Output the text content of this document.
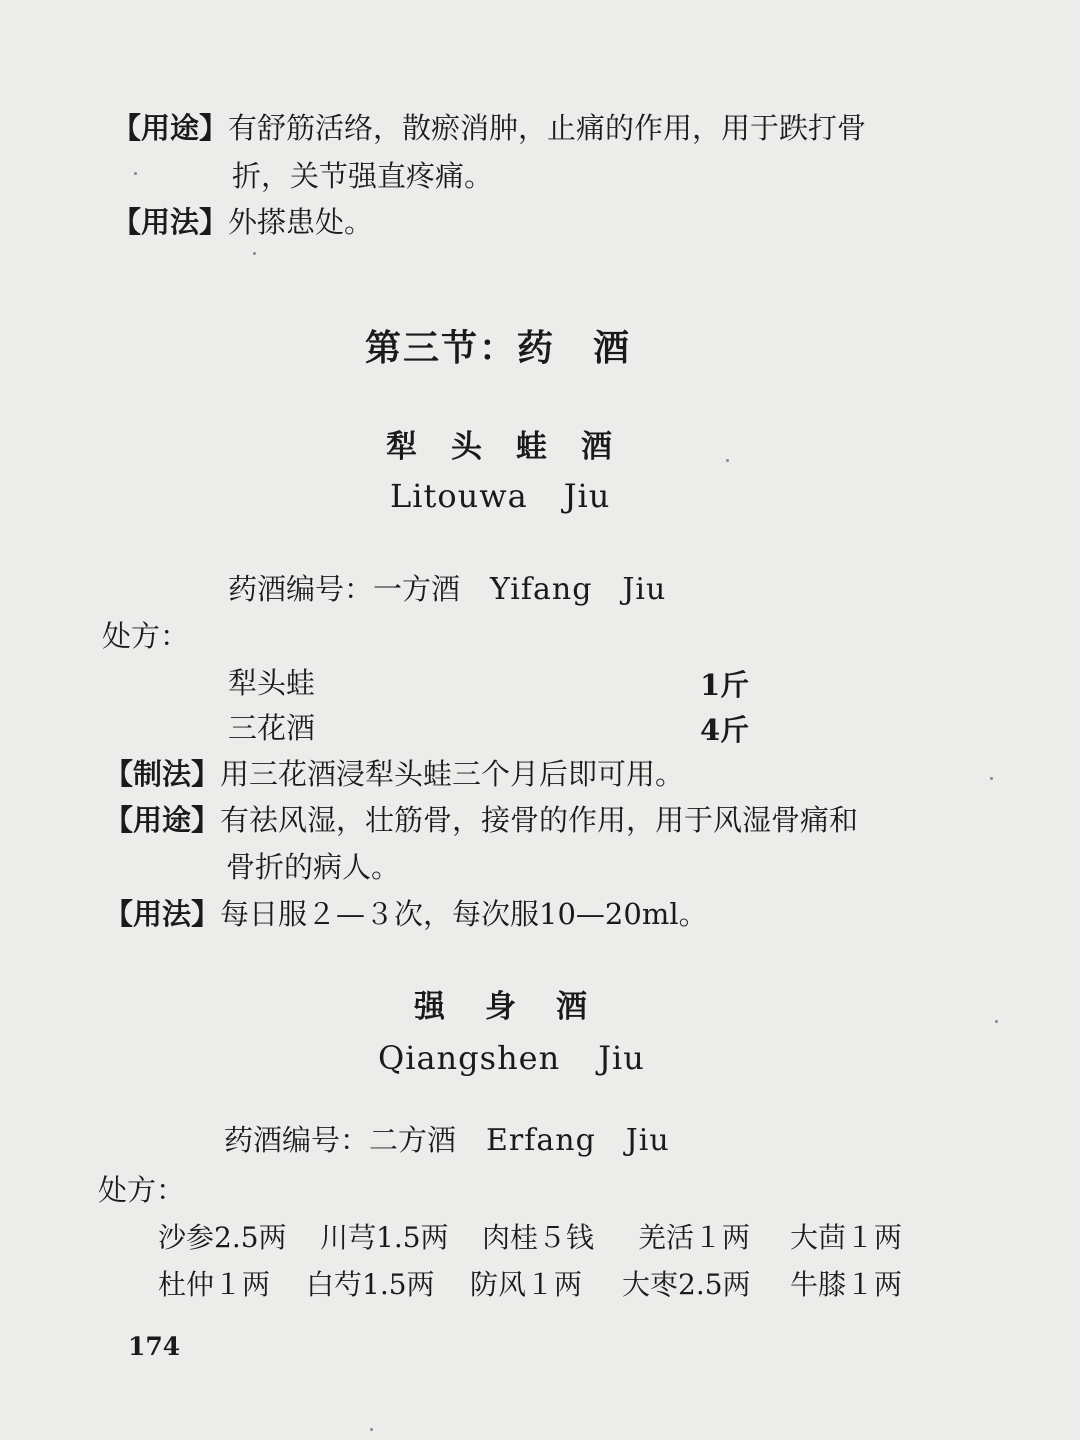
【用途】有舒筋活络，散瘀消肿，止痛的作用，用于跌打骨
折，关节强直疼痛。
【用法】外搽患处。
第三节：药　酒
犁头蛙酒
Litouwa Jiu
药酒编号：一方酒 Yifang Jiu
处方：
犁头蛙	1斤
三花酒	4斤
【制法】用三花酒浸犁头蛙三个月后即可用。
【用途】有祛风湿，壮筋骨，接骨的作用，用于风湿骨痛和
骨折的病人。
【用法】每日服２—３次，每次服10—20ml。
强身酒
Qiangshen Jiu
药酒编号：二方酒 Erfang Jiu
处方：
沙参2.5两 川芎1.5两 肉桂５钱 羌活１两 大茴１两
杜仲１两 白芍1.5两 防风１两 大枣2.5两 牛膝１两
174
